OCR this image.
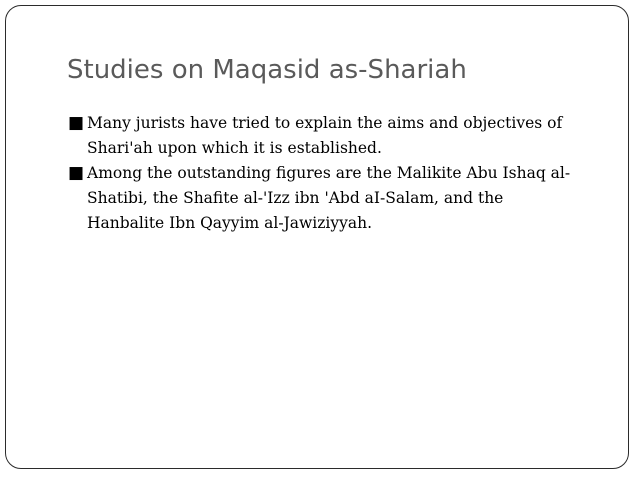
Studies on Maqasid as-Shariah
■ Many jurists have tried to explain the aims and objectives of
Shari'ah upon which it is established.
■ Among the outstanding figures are the Malikite Abu Ishaq al-
Shatibi, the Shafite al-'Izz ibn 'Abd aI-Salam, and the
Hanbalite Ibn Qayyim al-Jawiziyyah.
